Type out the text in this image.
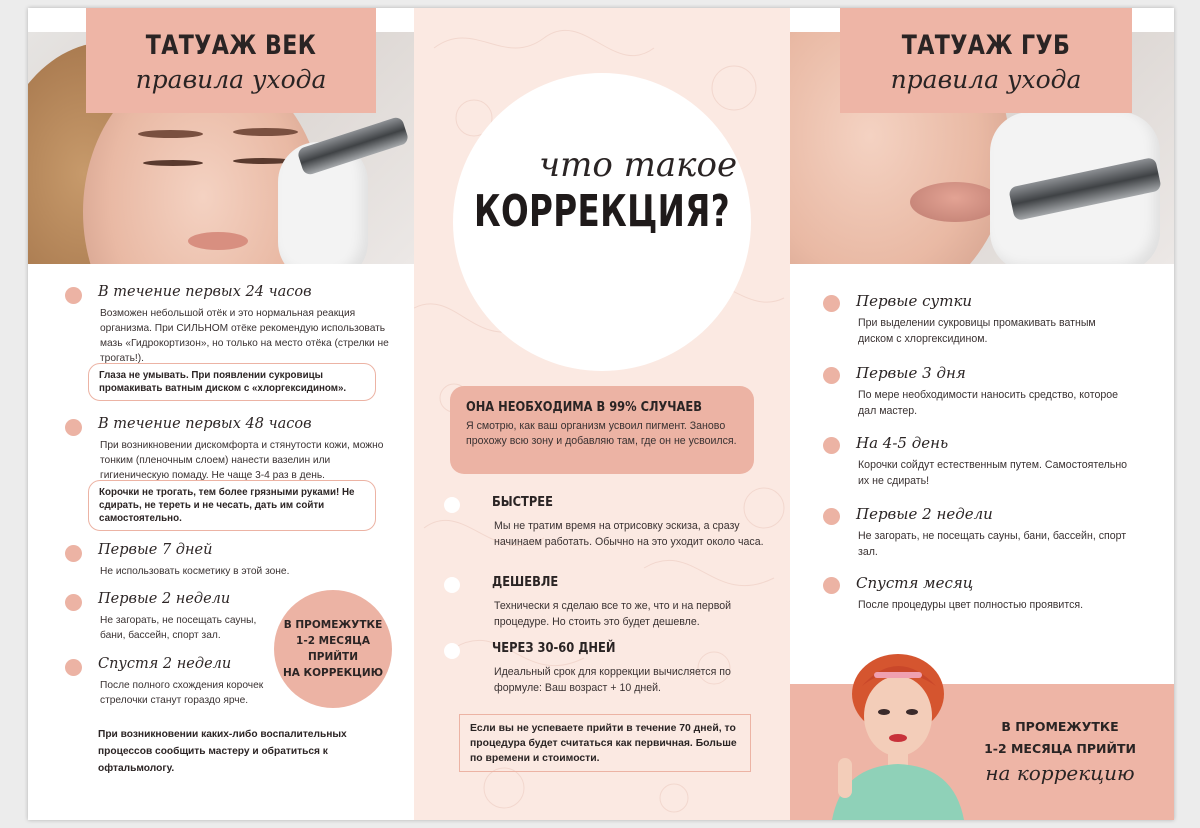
ТАТУАЖ ВЕК
правила ухода
В течение первых 24 часов
Возможен небольшой отёк и это нормальная реакция организма. При СИЛЬНОМ отёке рекомендую использовать мазь «Гидрокортизон», но только на место отёка (стрелки не трогать!).
Глаза не умывать. При появлении сукровицы промакивать ватным диском с «хлоргексидином».
В течение первых 48 часов
При возникновении дискомфорта и стянутости кожи, можно тонким (пленочным слоем) нанести вазелин или гигиеническую помаду. Не чаще 3-4 раз в день.
Корочки не трогать, тем более грязными руками! Не сдирать, не тереть и не чесать, дать им сойти самостоятельно.
Первые 7 дней
Не использовать косметику в этой зоне.
Первые 2 недели
Не загорать, не посещать сауны, бани, бассейн, спорт зал.
Спустя 2 недели
После полного схождения корочек стрелочки станут гораздо ярче.
В ПРОМЕЖУТКЕ
1-2 МЕСЯЦА
ПРИЙТИ
НА КОРРЕКЦИЮ
При возникновении каких-либо воспалительных процессов сообщить мастеру и обратиться к офтальмологу.
что такое
КОРРЕКЦИЯ?
ОНА НЕОБХОДИМА В 99% СЛУЧАЕВ
Я смотрю, как ваш организм усвоил пигмент. Заново прохожу всю зону и добавляю там, где он не усвоился.
БЫСТРЕЕ
Мы не тратим время на отрисовку эскиза, а сразу начинаем работать. Обычно на это уходит около часа.
ДЕШЕВЛЕ
Технически я сделаю все то же, что и на первой процедуре. Но стоить это будет дешевле.
ЧЕРЕЗ 30-60 ДНЕЙ
Идеальный срок для коррекции вычисляется по формуле: Ваш возраст + 10 дней.
Если вы не успеваете прийти в течение 70 дней, то процедура будет считаться как первичная. Больше по времени и стоимости.
ТАТУАЖ ГУБ
правила ухода
Первые сутки
При выделении сукровицы промакивать ватным диском с хлоргексидином.
Первые 3 дня
По мере необходимости наносить средство, которое дал мастер.
На 4-5 день
Корочки сойдут естественным путем. Самостоятельно их не сдирать!
Первые 2 недели
Не загорать, не посещать сауны, бани, бассейн, спорт зал.
Спустя месяц
После процедуры цвет полностью проявится.
В ПРОМЕЖУТКЕ
1-2 МЕСЯЦА ПРИЙТИ
на коррекцию
